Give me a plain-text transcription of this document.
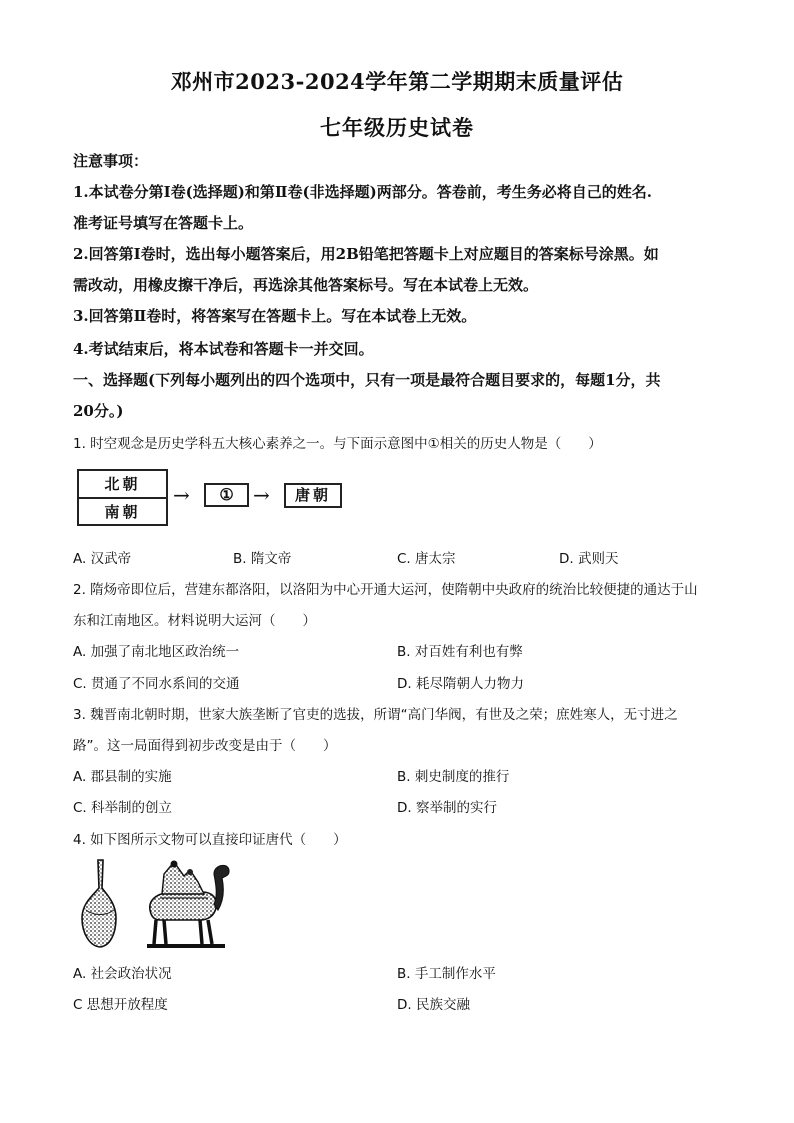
邓州市2023-2024学年第二学期期末质量评估
七年级历史试卷
注意事项：
1.本试卷分第Ⅰ卷(选择题)和第Ⅱ卷(非选择题)两部分。答卷前，考生务必将自己的姓名.
准考证号填写在答题卡上。
2.回答第Ⅰ卷时，选出每小题答案后，用2B铅笔把答题卡上对应题目的答案标号涂黑。如
需改动，用橡皮擦干净后，再选涂其他答案标号。写在本试卷上无效。
3.回答第Ⅱ卷时，将答案写在答题卡上。写在本试卷上无效。
4.考试结束后，将本试卷和答题卡一并交回。
一、选择题(下列每小题列出的四个选项中，只有一项是最符合题目要求的，每题1分，共
20分。)
1. 时空观念是历史学科五大核心素养之一。与下面示意图中①相关的历史人物是（　　）
北朝
南朝
→	① →	唐朝
A. 汉武帝	B. 隋文帝	C. 唐太宗	D. 武则天
2. 隋炀帝即位后，营建东都洛阳，以洛阳为中心开通大运河，使隋朝中央政府的统治比较便捷的通达于山
东和江南地区。材料说明大运河（　　）
A. 加强了南北地区政治统一	B. 对百姓有利也有弊
C. 贯通了不同水系间的交通	D. 耗尽隋朝人力物力
3. 魏晋南北朝时期，世家大族垄断了官吏的选拔，所谓“高门华阀，有世及之荣；庶姓寒人，无寸进之
路”。这一局面得到初步改变是由于（　　）
A. 郡县制的实施	B. 刺史制度的推行
C. 科举制的创立	D. 察举制的实行
4. 如下图所示文物可以直接印证唐代（　　）
A. 社会政治状况	B. 手工制作水平
C 思想开放程度	D. 民族交融
